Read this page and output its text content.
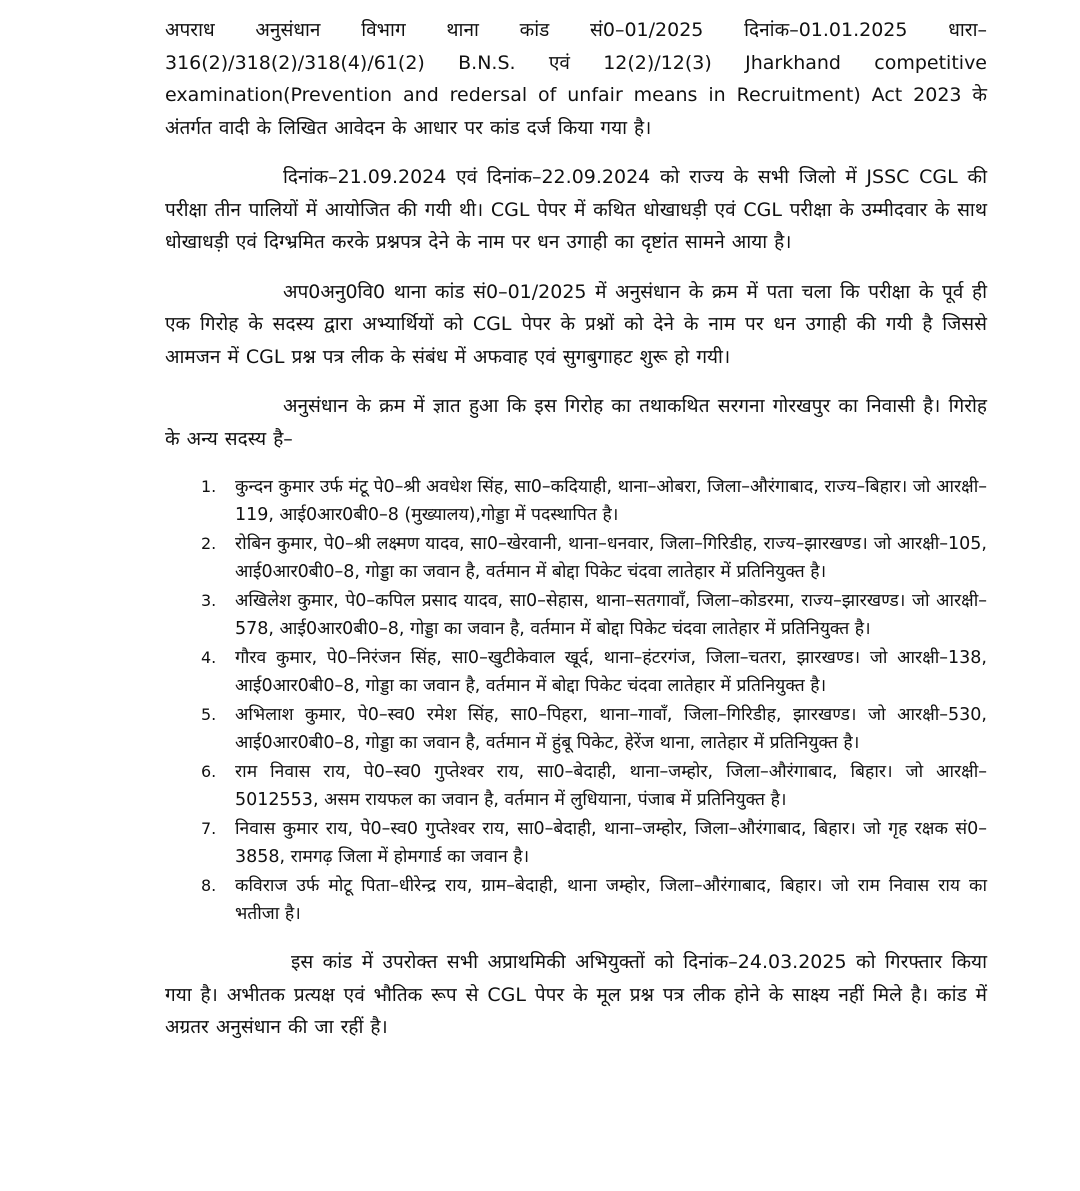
अपराध अनुसंधान विभाग थाना कांड सं0–01/2025 दिनांक–01.01.2025 धारा–316(2)/318(2)/318(4)/61(2) B.N.S. एवं 12(2)/12(3) Jharkhand competitive examination(Prevention and redersal of unfair means in Recruitment) Act 2023 के अंतर्गत वादी के लिखित आवेदन के आधार पर कांड दर्ज किया गया है।

दिनांक–21.09.2024 एवं दिनांक–22.09.2024 को राज्य के सभी जिलो में JSSC CGL की परीक्षा तीन पालियों में आयोजित की गयी थी। CGL पेपर में कथित धोखाधड़ी एवं CGL परीक्षा के उम्मीदवार के साथ धोखाधड़ी एवं दिग्भ्रमित करके प्रश्नपत्र देने के नाम पर धन उगाही का दृष्टांत सामने आया है।

अप0अनु0वि0 थाना कांड सं0–01/2025 में अनुसंधान के क्रम में पता चला कि परीक्षा के पूर्व ही एक गिरोह के सदस्य द्वारा अभ्यार्थियों को CGL पेपर के प्रश्नों को देने के नाम पर धन उगाही की गयी है जिससे आमजन में CGL प्रश्न पत्र लीक के संबंध में अफवाह एवं सुगबुगाहट शुरू हो गयी।

अनुसंधान के क्रम में ज्ञात हुआ कि इस गिरोह का तथाकथित सरगना गोरखपुर का निवासी है। गिरोह के अन्य सदस्य है–

1. कुन्दन कुमार उर्फ मंटू पे0–श्री अवधेश सिंह, सा0–कदियाही, थाना–ओबरा, जिला–औरंगाबाद, राज्य–बिहार। जो आरक्षी–119, आई0आर0बी0–8 (मुख्यालय),गोड्डा में पदस्थापित है।
2. रोबिन कुमार, पे0–श्री लक्ष्मण यादव, सा0–खेरवानी, थाना–धनवार, जिला–गिरिडीह, राज्य–झारखण्ड। जो आरक्षी–105, आई0आर0बी0–8, गोड्डा का जवान है, वर्तमान में बोद्दा पिकेट चंदवा लातेहार में प्रतिनियुक्त है।
3. अखिलेश कुमार, पे0–कपिल प्रसाद यादव, सा0–सेहास, थाना–सतगावाँ, जिला–कोडरमा, राज्य–झारखण्ड। जो आरक्षी–578, आई0आर0बी0–8, गोड्डा का जवान है, वर्तमान में बोद्दा पिकेट चंदवा लातेहार में प्रतिनियुक्त है।
4. गौरव कुमार, पे0–निरंजन सिंह, सा0–खुटीकेवाल खूर्द, थाना–हंटरगंज, जिला–चतरा, झारखण्ड। जो आरक्षी–138, आई0आर0बी0–8, गोड्डा का जवान है, वर्तमान में बोद्दा पिकेट चंदवा लातेहार में प्रतिनियुक्त है।
5. अभिलाश कुमार, पे0–स्व0 रमेश सिंह, सा0–पिहरा, थाना–गावाँ, जिला–गिरिडीह, झारखण्ड। जो आरक्षी–530, आई0आर0बी0–8, गोड्डा का जवान है, वर्तमान में हुंबू पिकेट, हेरेंज थाना, लातेहार में प्रतिनियुक्त है।
6. राम निवास राय, पे0–स्व0 गुप्तेश्वर राय, सा0–बेदाही, थाना–जम्होर, जिला–औरंगाबाद, बिहार। जो आरक्षी–5012553, असम रायफल का जवान है, वर्तमान में लुधियाना, पंजाब में प्रतिनियुक्त है।
7. निवास कुमार राय, पे0–स्व0 गुप्तेश्वर राय, सा0–बेदाही, थाना–जम्होर, जिला–औरंगाबाद, बिहार। जो गृह रक्षक सं0–3858, रामगढ़ जिला में होमगार्ड का जवान है।
8. कविराज उर्फ मोटू पिता–धीरेन्द्र राय, ग्राम–बेदाही, थाना जम्होर, जिला–औरंगाबाद, बिहार। जो राम निवास राय का भतीजा है।

इस कांड में उपरोक्त सभी अप्राथमिकी अभियुक्तों को दिनांक–24.03.2025 को गिरफ्तार किया गया है। अभीतक प्रत्यक्ष एवं भौतिक रूप से CGL पेपर के मूल प्रश्न पत्र लीक होने के साक्ष्य नहीं मिले है। कांड में अग्रतर अनुसंधान की जा रहीं है।
